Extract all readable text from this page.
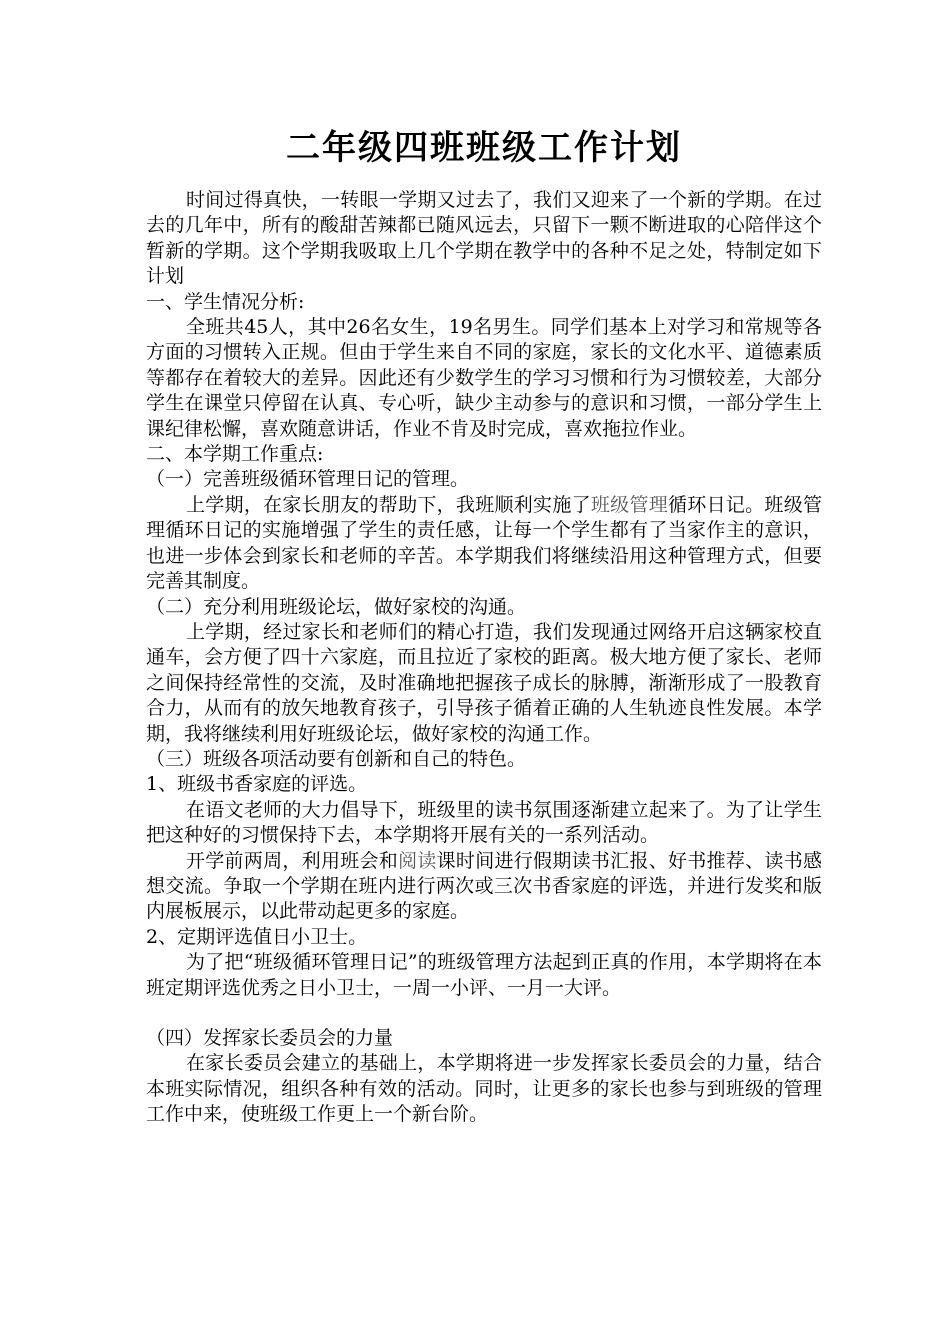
二年级四班班级工作计划

时间过得真快，一转眼一学期又过去了，我们又迎来了一个新的学期。在过去的几年中，所有的酸甜苦辣都已随风远去，只留下一颗不断进取的心陪伴这个暂新的学期。这个学期我吸取上几个学期在教学中的各种不足之处，特制定如下计划

一、学生情况分析:

全班共45人，其中26名女生，19名男生。同学们基本上对学习和常规等各方面的习惯转入正规。但由于学生来自不同的家庭，家长的文化水平、道德素质等都存在着较大的差异。因此还有少数学生的学习习惯和行为习惯较差，大部分学生在课堂只停留在认真、专心听，缺少主动参与的意识和习惯，一部分学生上课纪律松懈，喜欢随意讲话，作业不肯及时完成，喜欢拖拉作业。

二、本学期工作重点:

（一）完善班级循环管理日记的管理。

上学期，在家长朋友的帮助下，我班顺利实施了班级管理循环日记。班级管理循环日记的实施增强了学生的责任感，让每一个学生都有了当家作主的意识，也进一步体会到家长和老师的辛苦。本学期我们将继续沿用这种管理方式，但要完善其制度。

（二）充分利用班级论坛，做好家校的沟通。

上学期，经过家长和老师们的精心打造，我们发现通过网络开启这辆家校直通车，会方便了四十六家庭，而且拉近了家校的距离。极大地方便了家长、老师之间保持经常性的交流，及时准确地把握孩子成长的脉膊，渐渐形成了一股教育合力，从而有的放矢地教育孩子，引导孩子循着正确的人生轨迹良性发展。本学期，我将继续利用好班级论坛，做好家校的沟通工作。

（三）班级各项活动要有创新和自己的特色。

1、班级书香家庭的评选。

在语文老师的大力倡导下，班级里的读书氛围逐渐建立起来了。为了让学生把这种好的习惯保持下去，本学期将开展有关的一系列活动。

开学前两周，利用班会和阅读课时间进行假期读书汇报、好书推荐、读书感想交流。争取一个学期在班内进行两次或三次书香家庭的评选，并进行发奖和版内展板展示，以此带动起更多的家庭。

2、定期评选值日小卫士。

为了把“班级循环管理日记”的班级管理方法起到正真的作用，本学期将在本班定期评选优秀之日小卫士，一周一小评、一月一大评。

（四）发挥家长委员会的力量

在家长委员会建立的基础上，本学期将进一步发挥家长委员会的力量，结合本班实际情况，组织各种有效的活动。同时，让更多的家长也参与到班级的管理工作中来，使班级工作更上一个新台阶。
